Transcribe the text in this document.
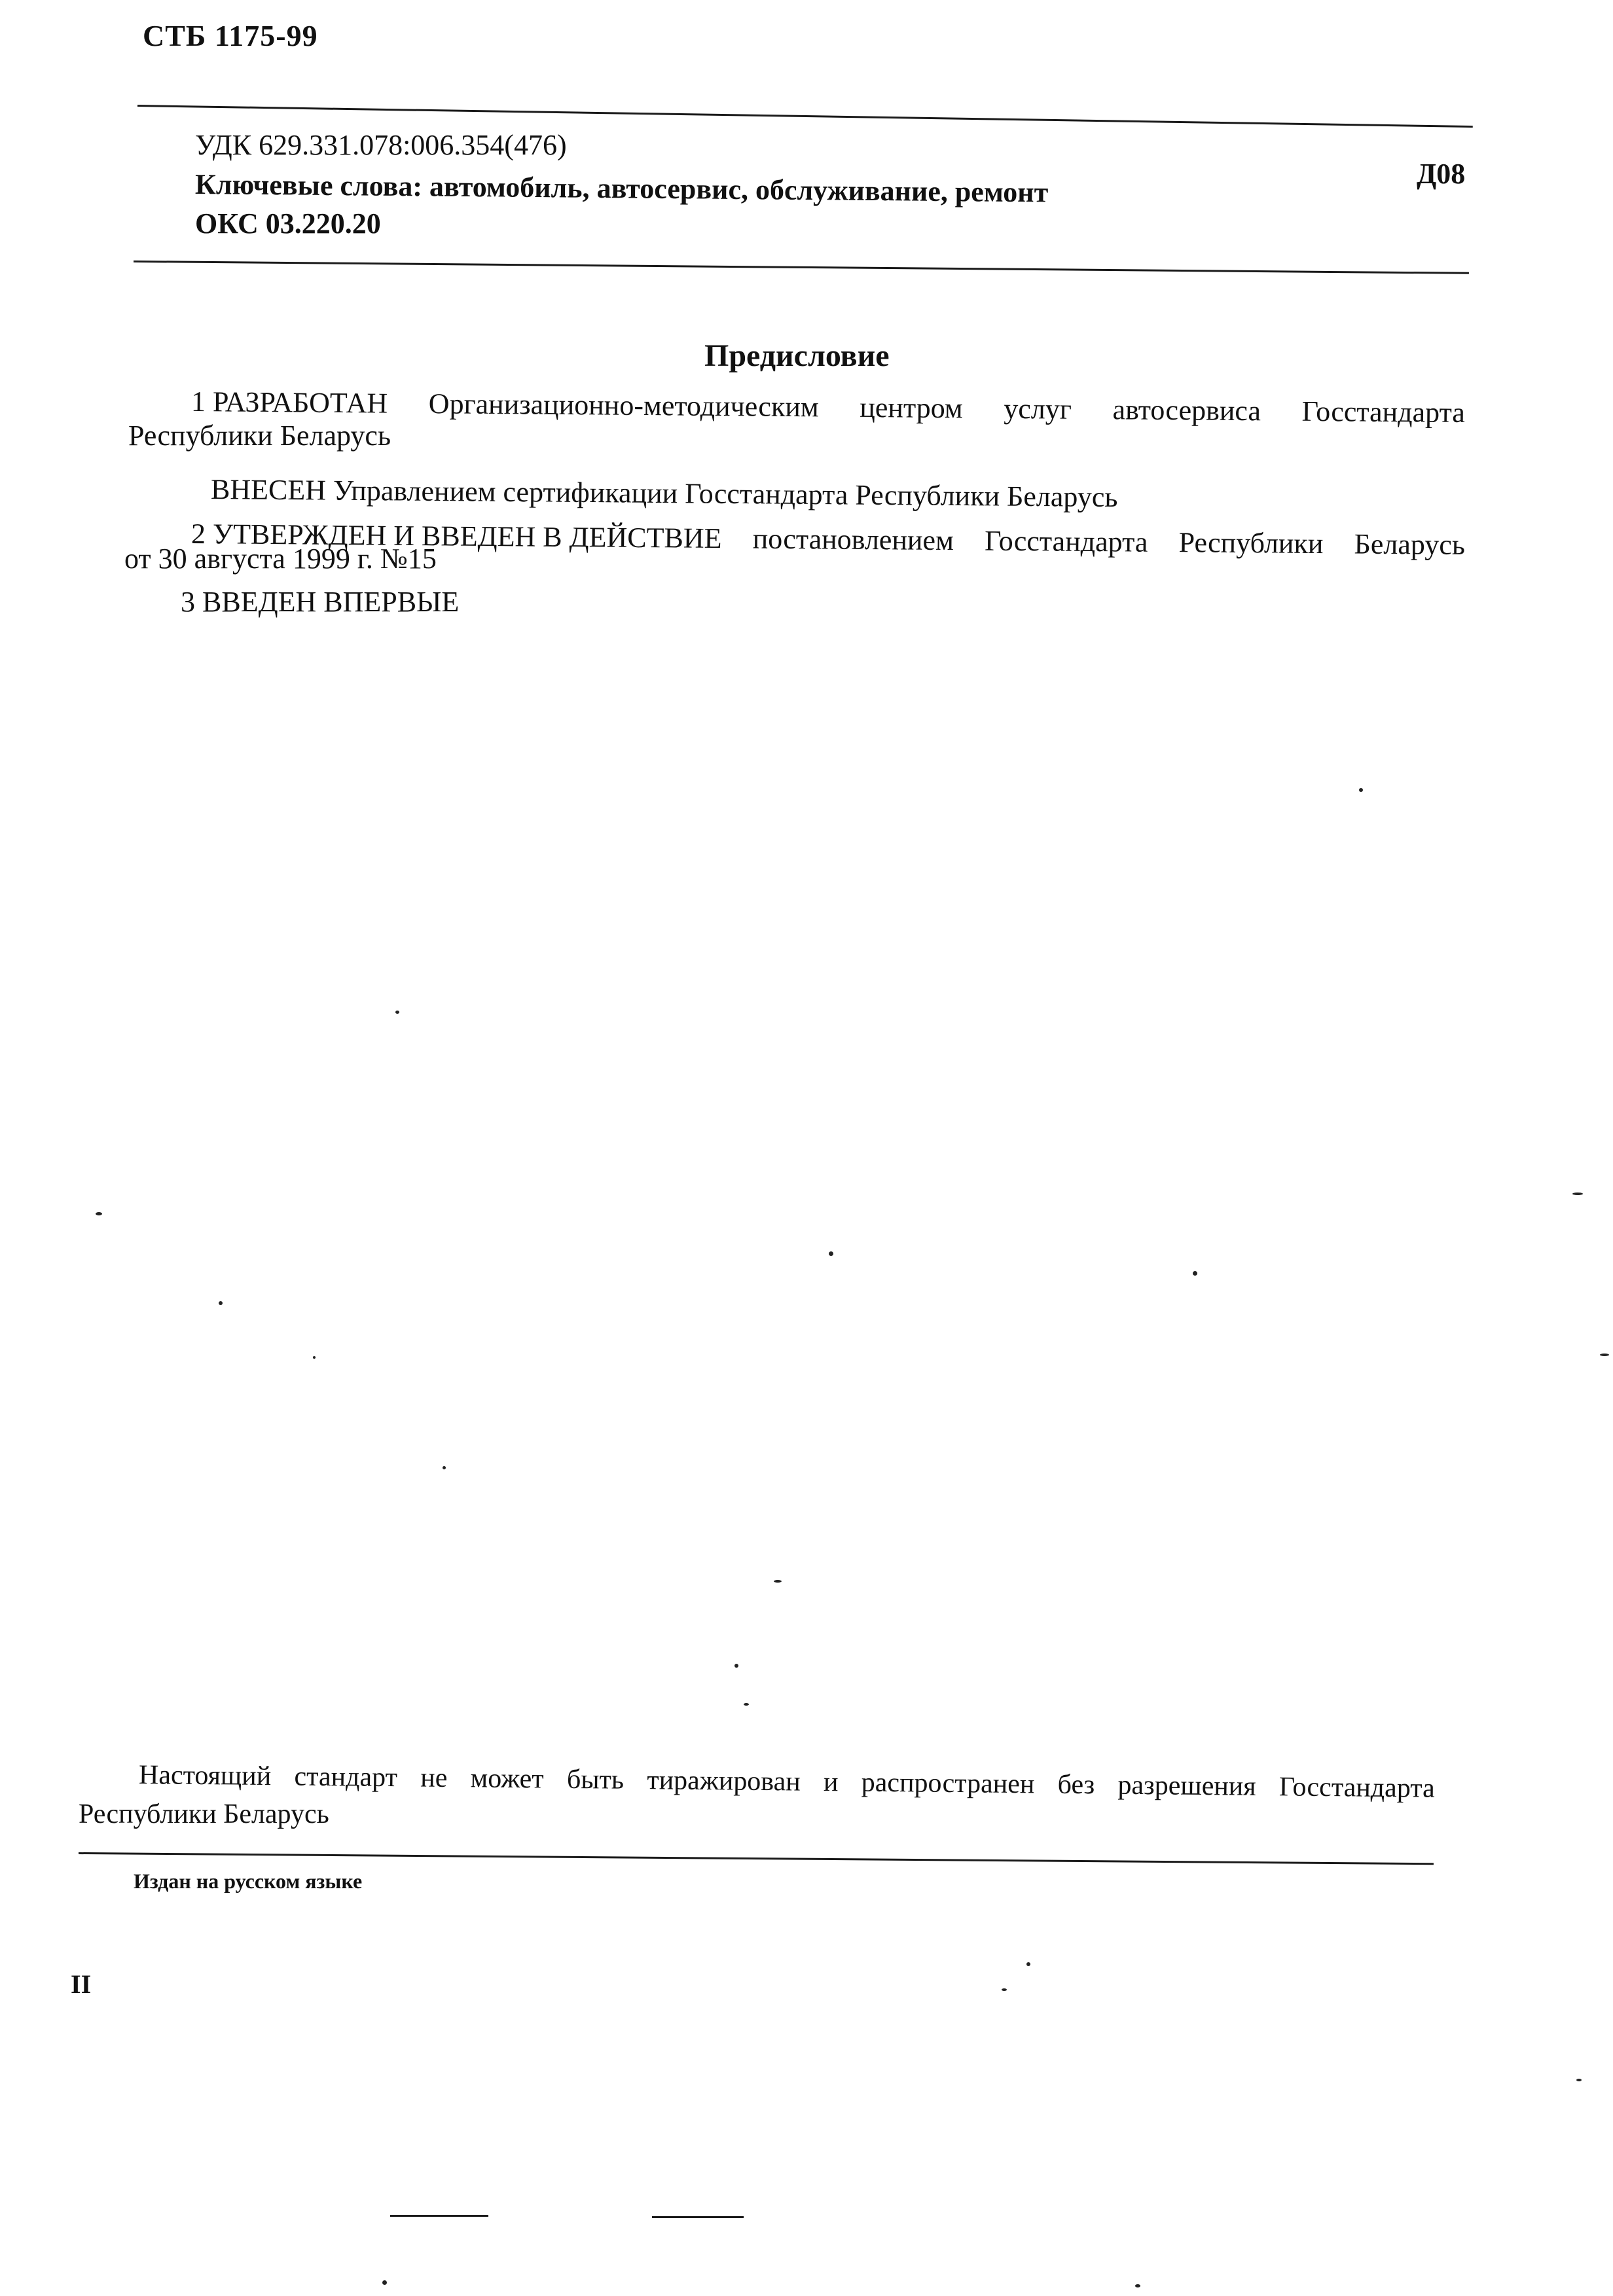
СТБ 1175-99
УДК 629.331.078:006.354(476)
Ключевые слова: автомобиль, автосервис, обслуживание, ремонт
ОКС 03.220.20
Д08
Предисловие
1 РАЗРАБОТАН Организационно-методическим центром услуг автосервиса Госстандарта
Республики Беларусь
ВНЕСЕН Управлением сертификации Госстандарта Республики Беларусь
2 УТВЕРЖДЕН И ВВЕДЕН В ДЕЙСТВИЕ постановлением Госстандарта Республики Беларусь
от 30 августа 1999 г. №15
3 ВВЕДЕН ВПЕРВЫЕ
Настоящий стандарт не может быть тиражирован и распространен без разрешения Госстандарта
Республики Беларусь
Издан на русском языке
II
